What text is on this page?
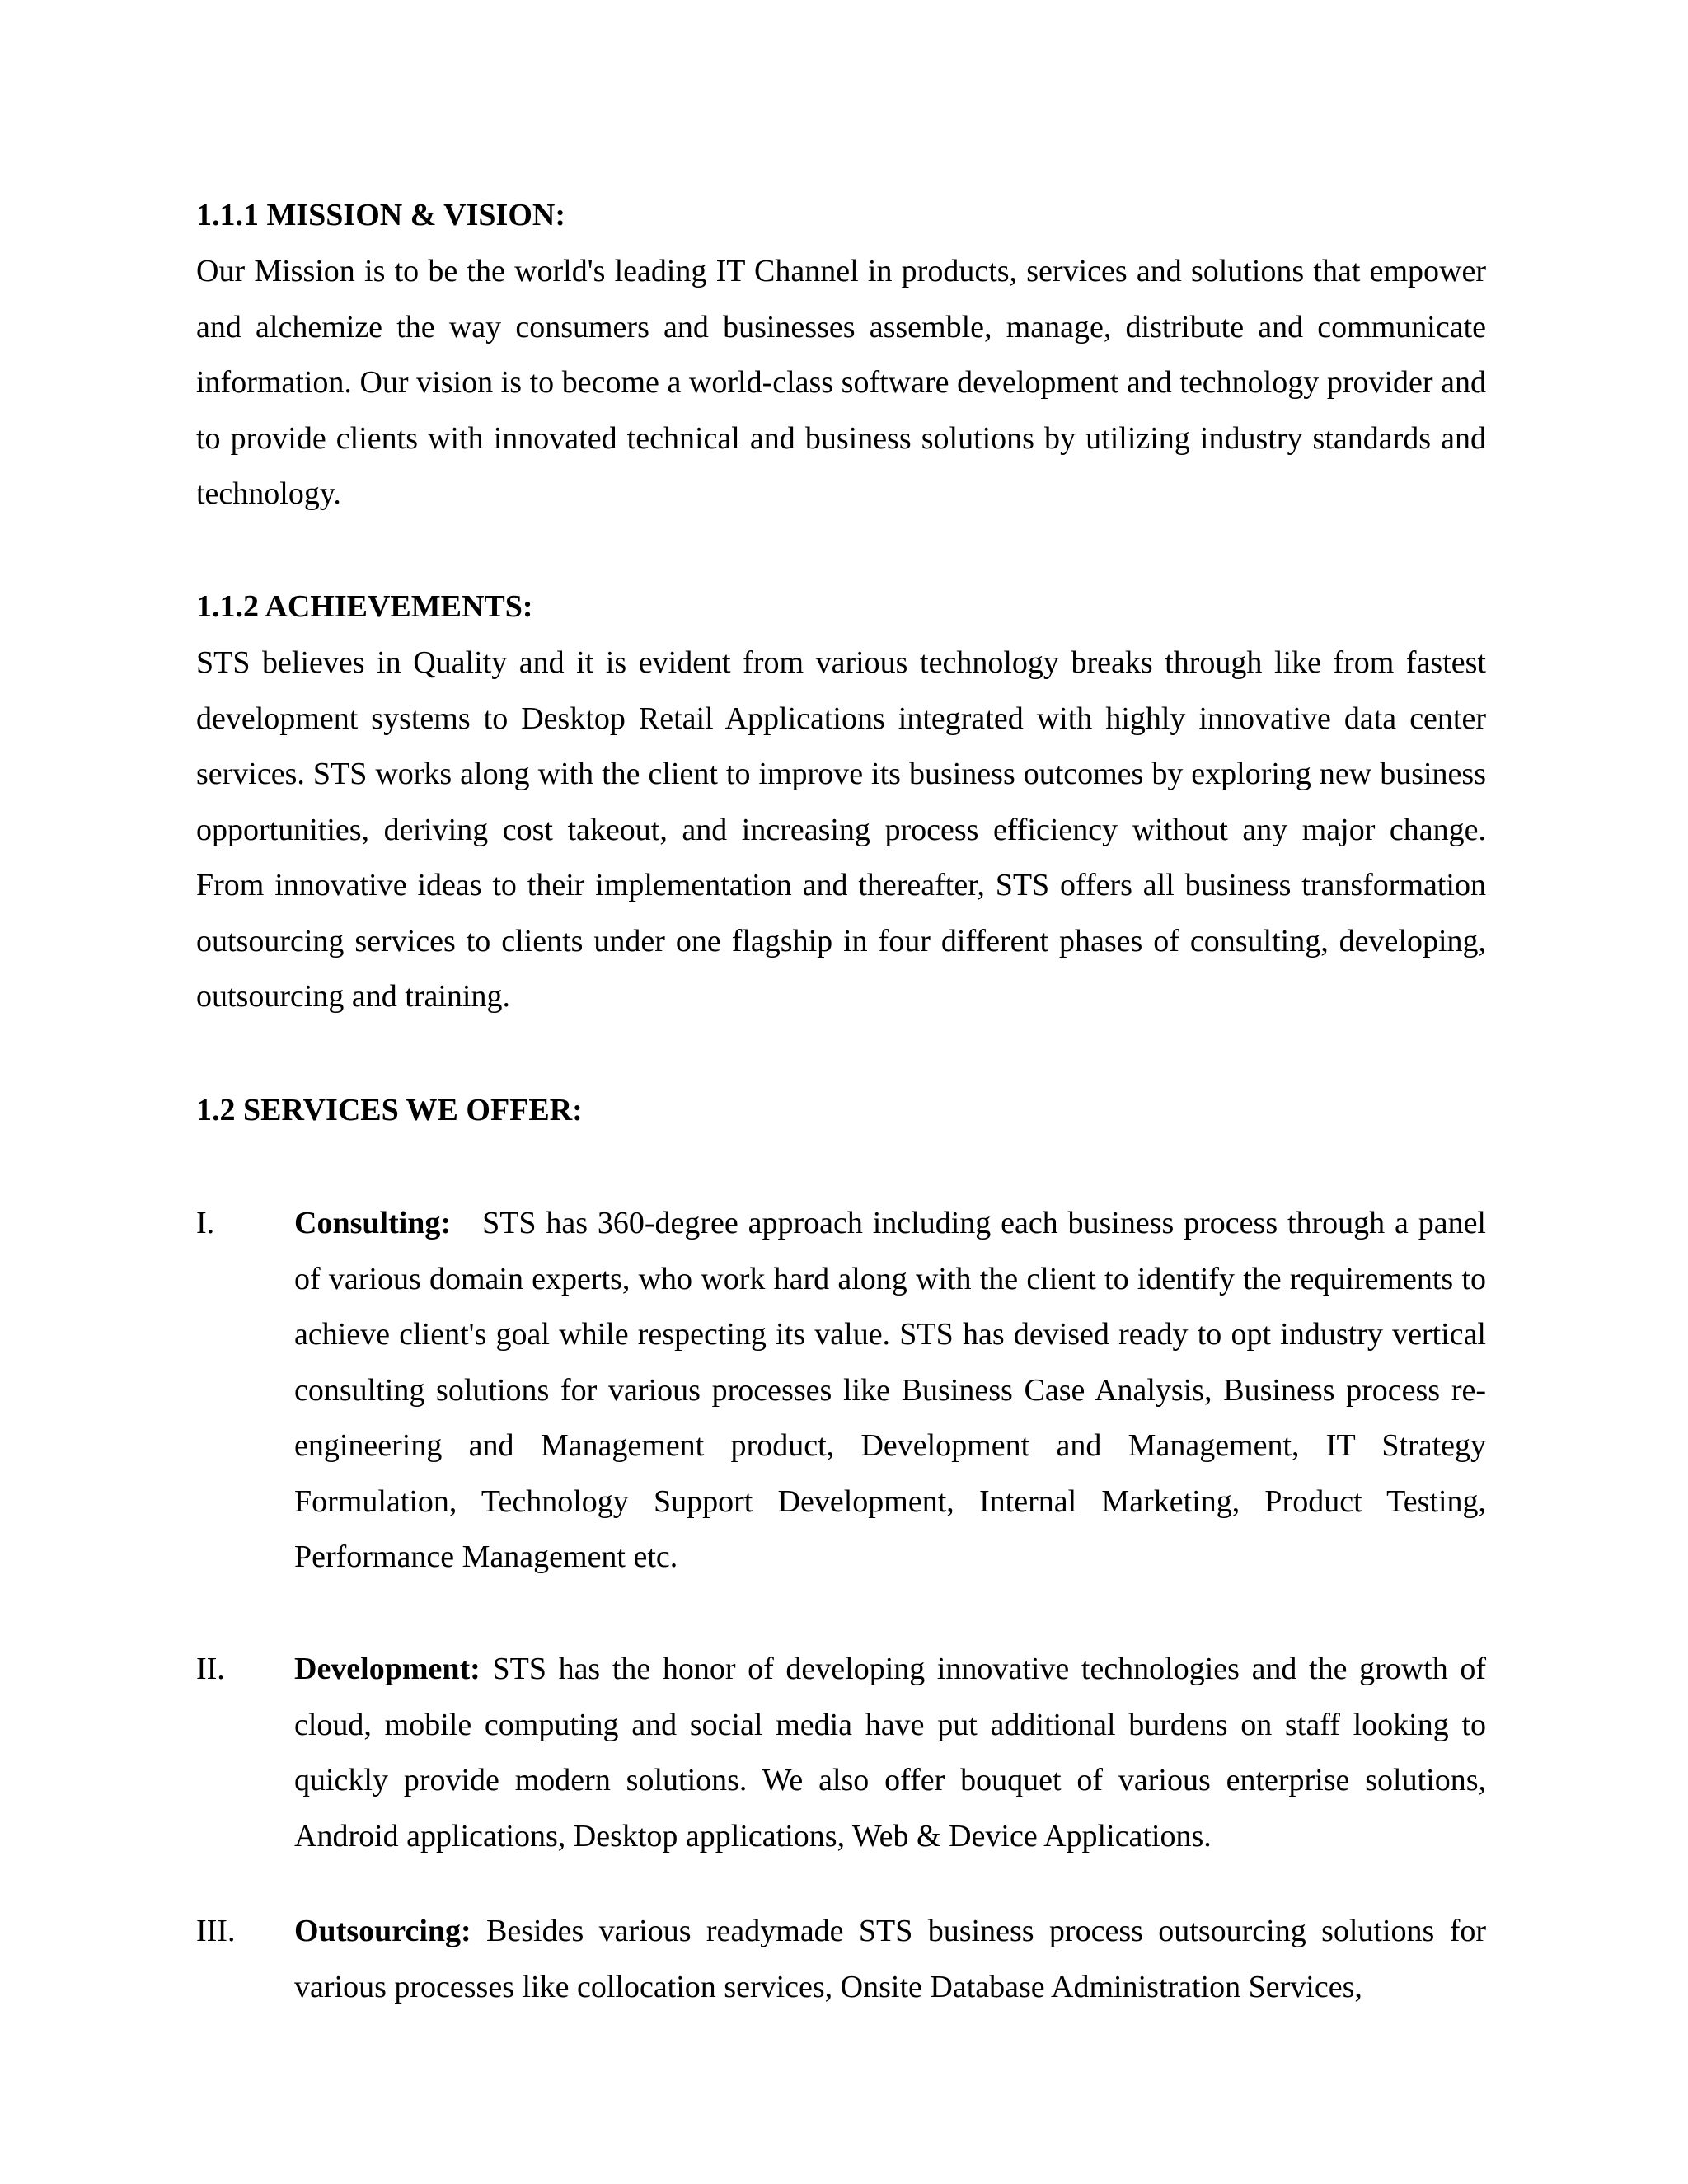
1.1.1 MISSION & VISION:

Our Mission is to be the world's leading IT Channel in products, services and solutions that empower and alchemize the way consumers and businesses assemble, manage, distribute and communicate information. Our vision is to become a world-class software development and technology provider and to provide clients with innovated technical and business solutions by utilizing industry standards and technology.

1.1.2 ACHIEVEMENTS:

STS believes in Quality and it is evident from various technology breaks through like from fastest development systems to Desktop Retail Applications integrated with highly innovative data center services. STS works along with the client to improve its business outcomes by exploring new business opportunities, deriving cost takeout, and increasing process efficiency without any major change. From innovative ideas to their implementation and thereafter, STS offers all business transformation outsourcing services to clients under one flagship in four different phases of consulting, developing, outsourcing and training.

1.2 SERVICES WE OFFER:
I.	Consulting: STS has 360-degree approach including each business process through a panel of various domain experts, who work hard along with the client to identify the requirements to achieve client's goal while respecting its value. STS has devised ready to opt industry vertical consulting solutions for various processes like Business Case Analysis, Business process re-engineering and Management product, Development and Management, IT Strategy Formulation, Technology Support Development, Internal Marketing, Product Testing, Performance Management etc.
II.	Development: STS has the honor of developing innovative technologies and the growth of cloud, mobile computing and social media have put additional burdens on staff looking to quickly provide modern solutions. We also offer bouquet of various enterprise solutions, Android applications, Desktop applications, Web & Device Applications.
III.	Outsourcing: Besides various readymade STS business process outsourcing solutions for various processes like collocation services, Onsite Database Administration Services,
